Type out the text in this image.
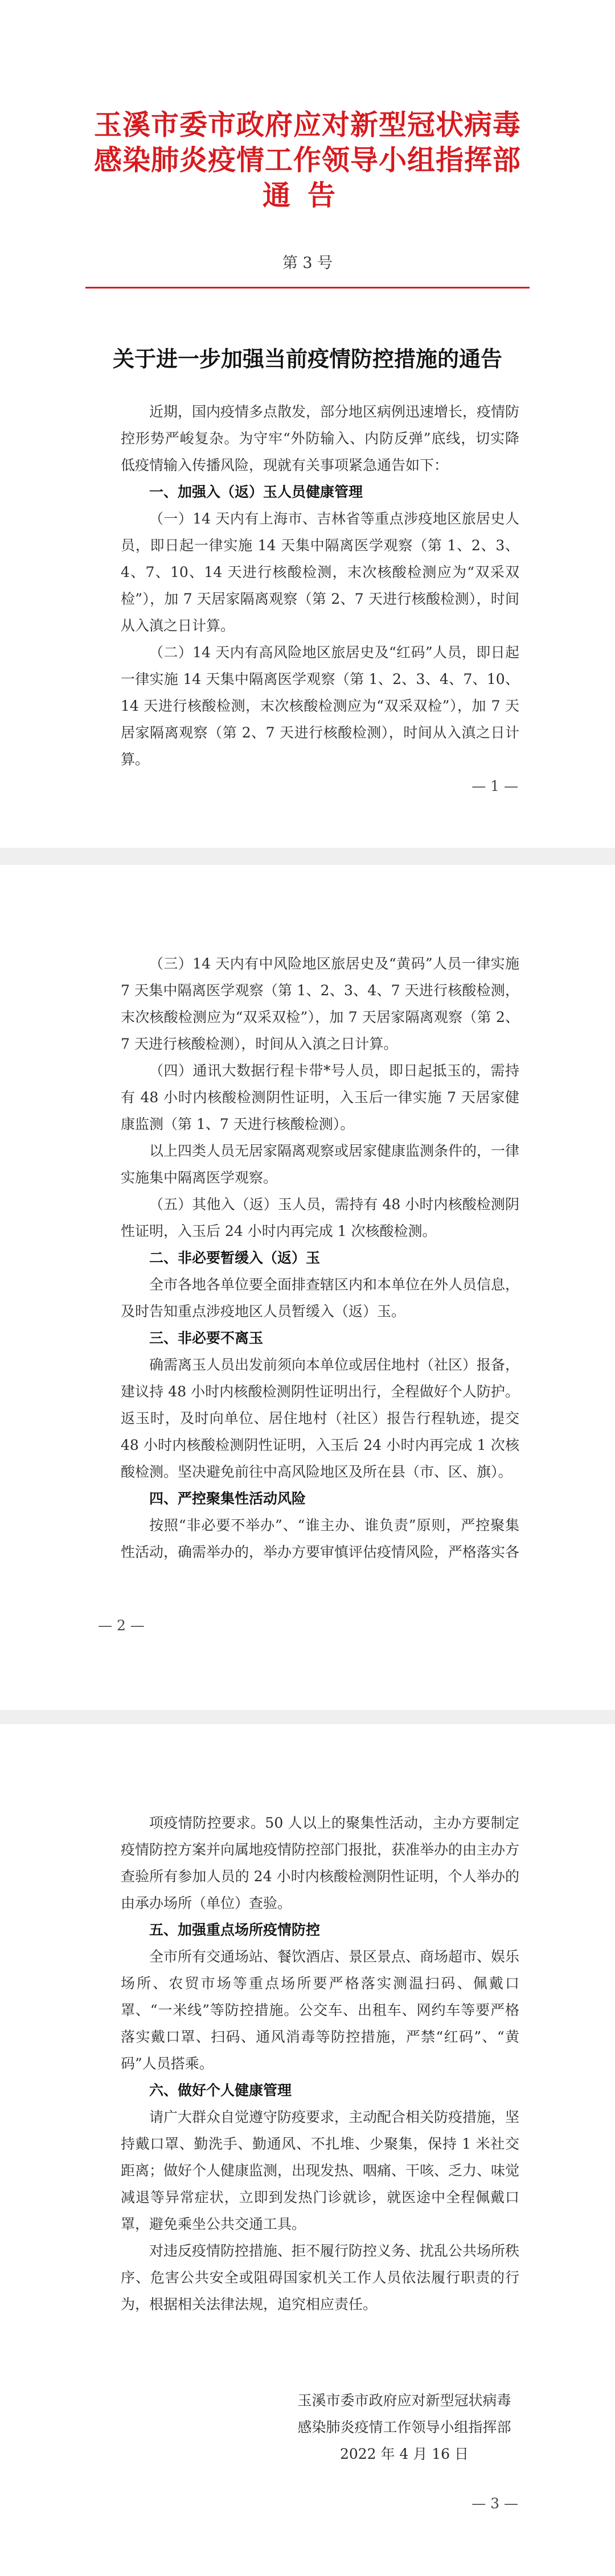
玉溪市委市政府应对新型冠状病毒
感染肺炎疫情工作领导小组指挥部
通告
第 3 号
关于进一步加强当前疫情防控措施的通告

近期，国内疫情多点散发，部分地区病例迅速增长，疫情防控形势严峻复杂。为守牢“外防输入、内防反弹”底线，切实降低疫情输入传播风险，现就有关事项紧急通告如下：

一、加强入（返）玉人员健康管理

（一）14 天内有上海市、吉林省等重点涉疫地区旅居史人员，即日起一律实施 14 天集中隔离医学观察（第 1、2、3、4、7、10、14 天进行核酸检测，末次核酸检测应为“双采双检”），加 7 天居家隔离观察（第 2、7 天进行核酸检测），时间从入滇之日计算。

（二）14 天内有高风险地区旅居史及“红码”人员，即日起一律实施 14 天集中隔离医学观察（第 1、2、3、4、7、10、14 天进行核酸检测，末次核酸检测应为“双采双检”），加 7 天居家隔离观察（第 2、7 天进行核酸检测），时间从入滇之日计算。

— 1 —

（三）14 天内有中风险地区旅居史及“黄码”人员一律实施 7 天集中隔离医学观察（第 1、2、3、4、7 天进行核酸检测，末次核酸检测应为“双采双检”），加 7 天居家隔离观察（第 2、7 天进行核酸检测），时间从入滇之日计算。

（四）通讯大数据行程卡带*号人员，即日起抵玉的，需持有 48 小时内核酸检测阴性证明，入玉后一律实施 7 天居家健康监测（第 1、7 天进行核酸检测）。

以上四类人员无居家隔离观察或居家健康监测条件的，一律实施集中隔离医学观察。

（五）其他入（返）玉人员，需持有 48 小时内核酸检测阴性证明，入玉后 24 小时内再完成 1 次核酸检测。

二、非必要暂缓入（返）玉

全市各地各单位要全面排查辖区内和本单位在外人员信息，及时告知重点涉疫地区人员暂缓入（返）玉。

三、非必要不离玉

确需离玉人员出发前须向本单位或居住地村（社区）报备，建议持 48 小时内核酸检测阴性证明出行，全程做好个人防护。返玉时，及时向单位、居住地村（社区）报告行程轨迹，提交 48 小时内核酸检测阴性证明，入玉后 24 小时内再完成 1 次核酸检测。坚决避免前往中高风险地区及所在县（市、区、旗）。

四、严控聚集性活动风险

按照“非必要不举办”、“谁主办、谁负责”原则，严控聚集性活动，确需举办的，举办方要审慎评估疫情风险，严格落实各

— 2 —

项疫情防控要求。50 人以上的聚集性活动，主办方要制定疫情防控方案并向属地疫情防控部门报批，获准举办的由主办方查验所有参加人员的 24 小时内核酸检测阴性证明，个人举办的由承办场所（单位）查验。

五、加强重点场所疫情防控

全市所有交通场站、餐饮酒店、景区景点、商场超市、娱乐场所、农贸市场等重点场所要严格落实测温扫码、佩戴口罩、“一米线”等防控措施。公交车、出租车、网约车等要严格落实戴口罩、扫码、通风消毒等防控措施，严禁“红码”、“黄码”人员搭乘。

六、做好个人健康管理

请广大群众自觉遵守防疫要求，主动配合相关防疫措施，坚持戴口罩、勤洗手、勤通风、不扎堆、少聚集，保持 1 米社交距离；做好个人健康监测，出现发热、咽痛、干咳、乏力、味觉减退等异常症状，立即到发热门诊就诊，就医途中全程佩戴口罩，避免乘坐公共交通工具。

对违反疫情防控措施、拒不履行防控义务、扰乱公共场所秩序、危害公共安全或阻碍国家机关工作人员依法履行职责的行为，根据相关法律法规，追究相应责任。

玉溪市委市政府应对新型冠状病毒
感染肺炎疫情工作领导小组指挥部
2022 年 4 月 16 日
— 3 —
